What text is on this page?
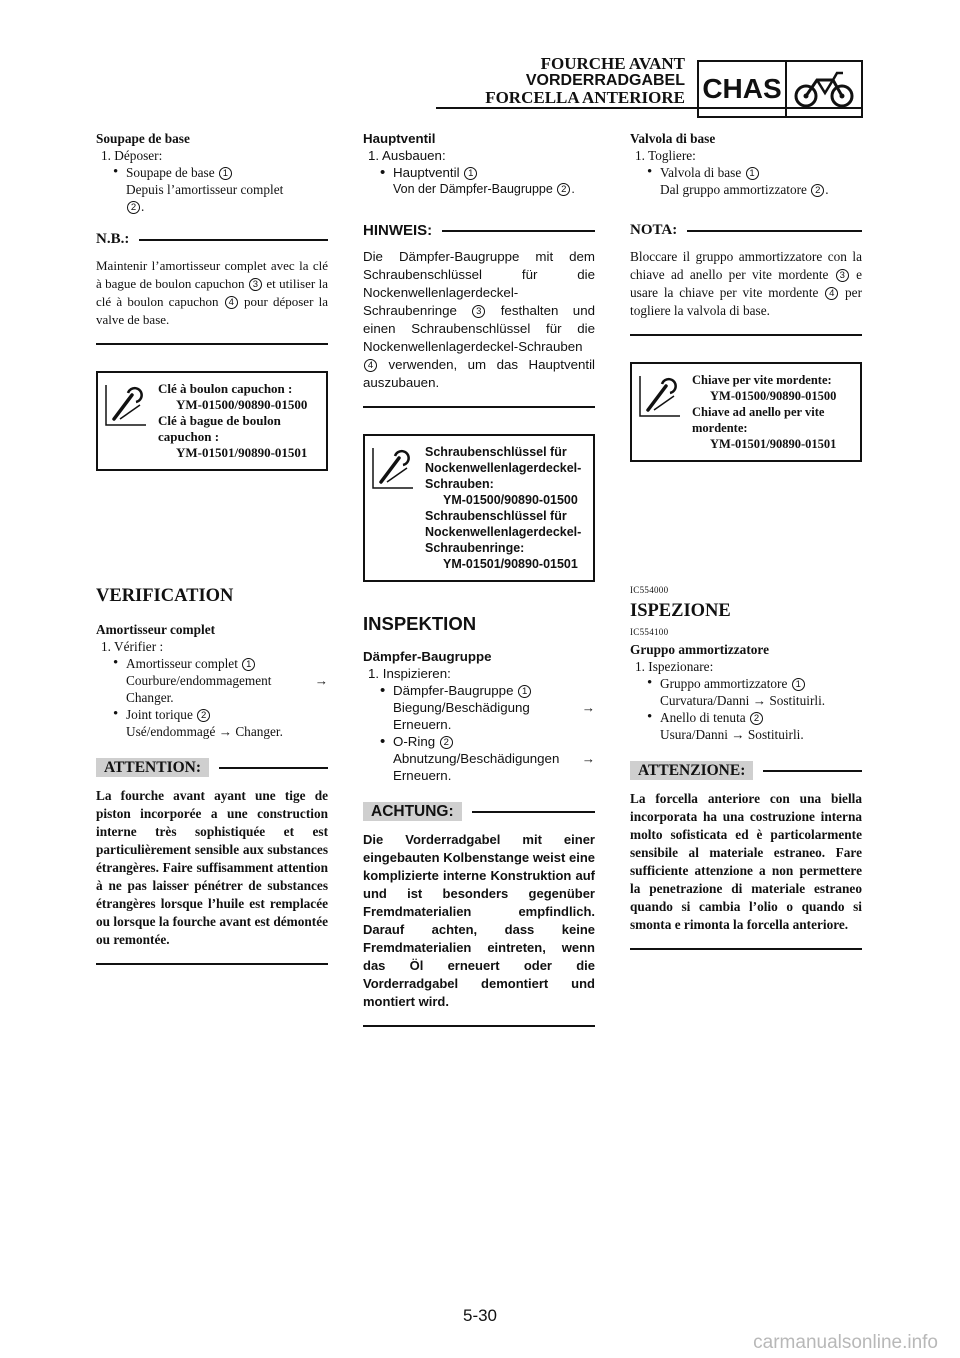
FOURCHE AVANT
VORDERRADGABEL
FORCELLA ANTERIORE CHAS
Soupape de base
1. Déposer:
• Soupape de base 1
Depuis l’amortisseur complet
2 .
N.B.:
Maintenir l’amortisseur complet avec la clé à bague de boulon capuchon 3 et utiliser la clé à boulon capuchon 4 pour déposer la valve de base.
Clé à boulon capuchon :
YM-01500/90890-01500
Clé à bague de boulon capuchon :
YM-01501/90890-01501
VERIFICATION
Amortisseur complet
1. Vérifier :
• Amortisseur complet 1
Courbure/endommagement	→
Changer.
• Joint torique 2
Usé/endommagé → Changer.
ATTENTION:
La fourche avant ayant une tige de piston incorporée a une construction interne très sophistiquée et est particulièrement sensible aux substances étrangères. Faire suffisamment attention à ne pas laisser pénétrer de substances étrangères lorsque l’huile est remplacée ou lorsque la fourche avant est démontée ou remontée.
Hauptventil
1. Ausbauen:
• Hauptventil 1
Von der Dämpfer-Baugruppe 2 .
HINWEIS:
Die Dämpfer-Baugruppe mit dem Schraubenschlüssel für die Nockenwellenlagerdeckel-Schraubenringe 3 festhalten und einen Schraubenschlüssel für die Nockenwellenlagerdeckel-Schrauben 4 verwenden, um das Hauptventil auszubauen.
Schraubenschlüssel für Nockenwellenlagerdeckel-Schrauben:
YM-01500/90890-01500
Schraubenschlüssel für Nockenwellenlagerdeckel-Schraubenringe:
YM-01501/90890-01501
INSPEKTION
Dämpfer-Baugruppe
1. Inspizieren:
• Dämpfer-Baugruppe 1
Biegung/Beschädigung	→
Erneuern.
• O-Ring 2
Abnutzung/Beschädigungen →
Erneuern.
ACHTUNG:
Die Vorderradgabel mit einer eingebauten Kolbenstange weist eine komplizierte interne Konstruktion auf und ist besonders gegenüber Fremdmaterialien empfindlich. Darauf achten, dass keine Fremdmaterialien eintreten, wenn das Öl erneuert oder die Vorderradgabel demontiert und montiert wird.
Valvola di base
1. Togliere:
• Valvola di base 1
Dal gruppo ammortizzatore 2 .
NOTA:
Bloccare il gruppo ammortizzatore con la chiave ad anello per vite mordente 3 e usare la chiave per vite mordente 4 per togliere la valvola di base.
Chiave per vite mordente:
YM-01500/90890-01500
Chiave ad anello per vite mordente:
YM-01501/90890-01501
IC554000
ISPEZIONE
IC554100
Gruppo ammortizzatore
1. Ispezionare:
• Gruppo ammortizzatore 1
Curvatura/Danni → Sostituirli.
• Anello di tenuta 2
Usura/Danni → Sostituirli.
ATTENZIONE:
La forcella anteriore con una biella incorporata ha una costruzione interna molto sofisticata ed è particolarmente sensibile al materiale estraneo. Fare sufficiente attenzione a non permettere la penetrazione di materiale estraneo quando si cambia l’olio o quando si smonta e rimonta la forcella anteriore.
5-30
carmanualsonline.info
